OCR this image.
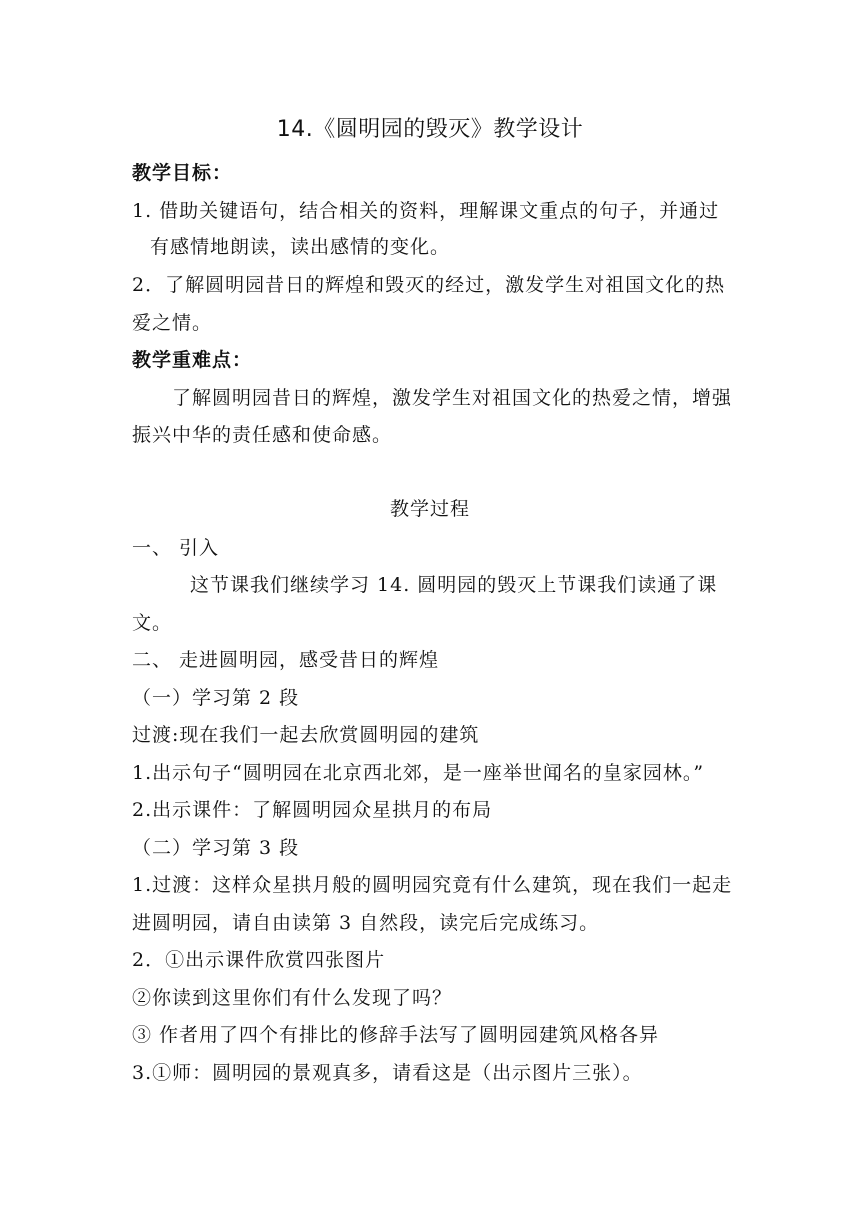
14.《圆明园的毁灭》教学设计
教学目标：
1. 借助关键语句，结合相关的资料，理解课文重点的句子，并通过
有感情地朗读，读出感情的变化。
2．了解圆明园昔日的辉煌和毁灭的经过，激发学生对祖国文化的热
爱之情。
教学重难点：
了解圆明园昔日的辉煌，激发学生对祖国文化的热爱之情，增强
振兴中华的责任感和使命感。
教学过程
一、 引入
这节课我们继续学习 14. 圆明园的毁灭上节课我们读通了课
文。
二、 走进圆明园，感受昔日的辉煌
（一）学习第 2 段
过渡:现在我们一起去欣赏圆明园的建筑
1.出示句子“圆明园在北京西北郊，是一座举世闻名的皇家园林。”
2.出示课件：了解圆明园众星拱月的布局
（二）学习第 3 段
1.过渡：这样众星拱月般的圆明园究竟有什么建筑，现在我们一起走
进圆明园，请自由读第 3 自然段，读完后完成练习。
2．①出示课件欣赏四张图片
②你读到这里你们有什么发现了吗？
③ 作者用了四个有排比的修辞手法写了圆明园建筑风格各异
3.①师：圆明园的景观真多，请看这是（出示图片三张）。
